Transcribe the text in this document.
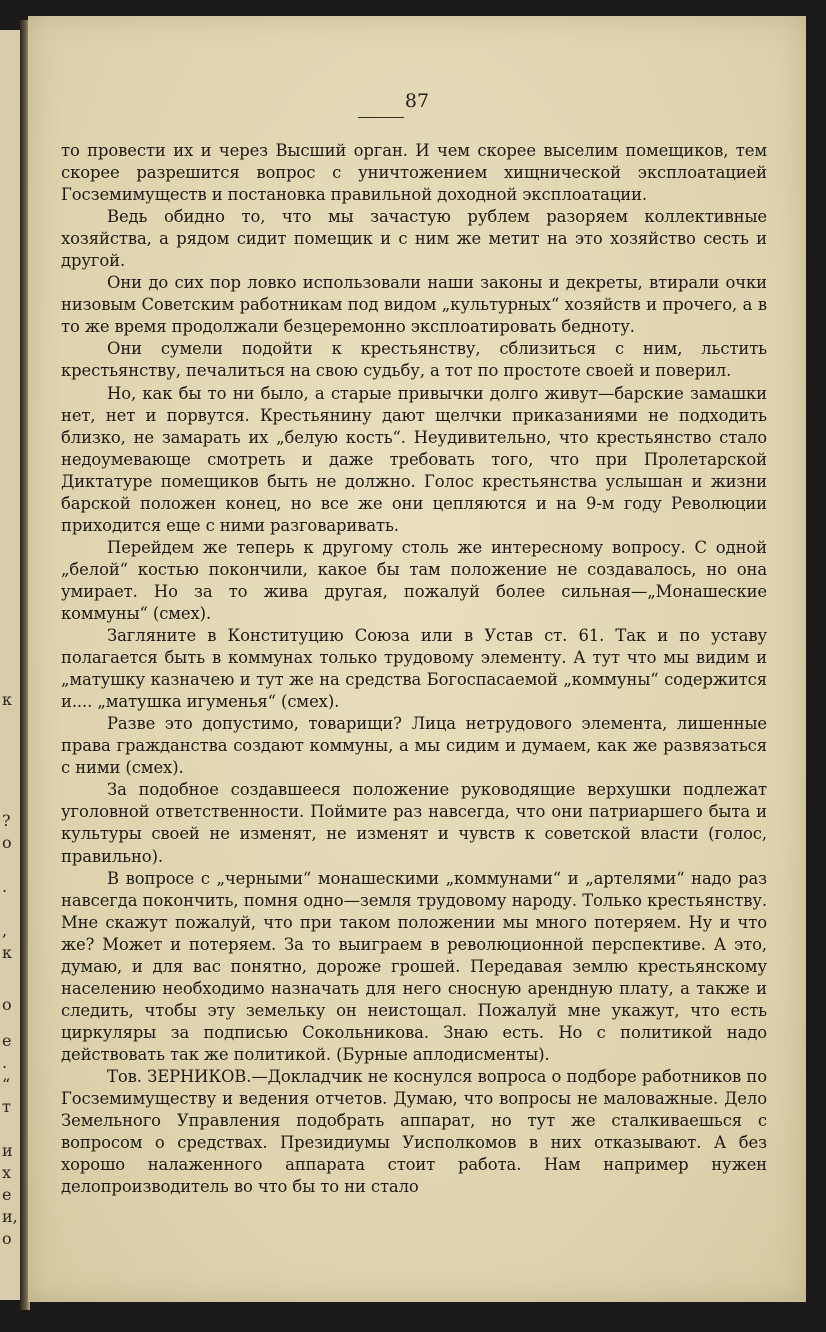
к
?
о
.
,
к
о
е
.
“
т
и
х
е
и,
о
87

то провести их и через Высший орган. И чем скорее выселим помещиков, тем скорее разрешится вопрос с уничтожением хищнической эксплоатацией Госземимуществ и постановка правильной доходной эксплоатации.

Ведь обидно то, что мы зачастую рублем разоряем коллективные хозяйства, а рядом сидит помещик и с ним же метит на это хозяйство сесть и другой.

Они до сих пор ловко использовали наши законы и декреты, втирали очки низовым Советским работникам под видом „культурных“ хозяйств и прочего, а в то же время продолжали безцеремонно эксплоатировать бедноту.

Они сумели подойти к крестьянству, сблизиться с ним, льстить крестьянству, печалиться на свою судьбу, а тот по простоте своей и поверил.

Но, как бы то ни было, а старые привычки долго живут—барские замашки нет, нет и порвутся. Крестьянину дают щелчки приказаниями не подходить близко, не замарать их „белую кость“. Неудивительно, что крестьянство стало недоумевающе смотреть и даже требовать того, что при Пролетарской Диктатуре помещиков быть не должно. Голос крестьянства услышан и жизни барской положен конец, но все же они цепляются и на 9-м году Революции приходится еще с ними разговаривать.

Перейдем же теперь к другому столь же интересному вопросу. С одной „белой“ костью покончили, какое бы там положение не создавалось, но она умирает. Но за то жива другая, пожалуй более сильная—„Монашеские коммуны“ (смех).

Загляните в Конституцию Союза или в Устав ст. 61. Так и по уставу полагается быть в коммунах только трудовому элементу. А тут что мы видим и „матушку казначею и тут же на средства Богоспасаемой „коммуны“ содержится и.... „матушка игуменья“ (смех).

Разве это допустимо, товарищи? Лица нетрудового элемента, лишенные права гражданства создают коммуны, а мы сидим и думаем, как же развязаться с ними (смех).

За подобное создавшееся положение руководящие верхушки подлежат уголовной ответственности. Поймите раз навсегда, что они патриаршего быта и культуры своей не изменят, не изменят и чувств к советской власти (голос, правильно).

В вопросе с „черными“ монашескими „коммунами“ и „артелями“ надо раз навсегда покончить, помня одно—земля трудовому народу. Только крестьянству. Мне скажут пожалуй, что при таком положении мы много потеряем. Ну и что же? Может и потеряем. За то выиграем в революционной перспективе. А это, думаю, и для вас понятно, дороже грошей. Передавая землю крестьянскому населению необходимо назначать для него сносную арендную плату, а также и следить, чтобы эту земельку он неистощал. Пожалуй мне укажут, что есть циркуляры за подписью Сокольникова. Знаю есть. Но с политикой надо действовать так же политикой. (Бурные аплодисменты).

Тов. ЗЕРНИКОВ.—Докладчик не коснулся вопроса о подборе работников по Госземимуществу и ведения отчетов. Думаю, что вопросы не маловажные. Дело Земельного Управления подобрать аппарат, но тут же сталкиваешься с вопросом о средствах. Президиумы Уисполкомов в них отказывают. А без хорошо налаженного аппарата стоит работа. Нам например нужен делопроизводитель во что бы то ни стало
